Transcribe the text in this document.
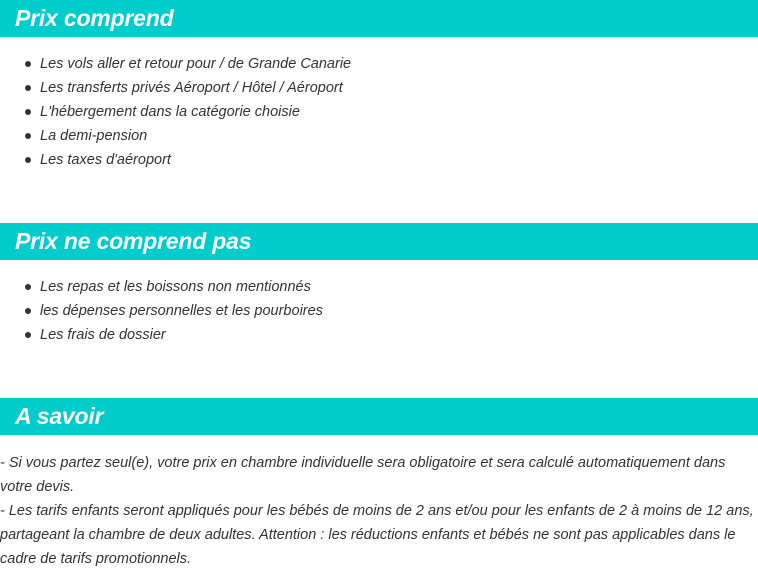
Prix comprend
Les vols aller et retour pour / de Grande Canarie
Les transferts privés Aéroport / Hôtel / Aéroport
L'hébergement dans la catégorie choisie
La demi-pension
Les taxes d'aéroport
Prix ne comprend pas
Les repas et les boissons non mentionnés
les dépenses personnelles et les pourboires
Les frais de dossier
A savoir

- Si vous partez seul(e), votre prix en chambre individuelle sera obligatoire et sera calculé automatiquement dans votre devis.

- Les tarifs enfants seront appliqués pour les bébés de moins de 2 ans et/ou pour les enfants de 2 à moins de 12 ans, partageant la chambre de deux adultes. Attention : les réductions enfants et bébés ne sont pas applicables dans le cadre de tarifs promotionnels.
